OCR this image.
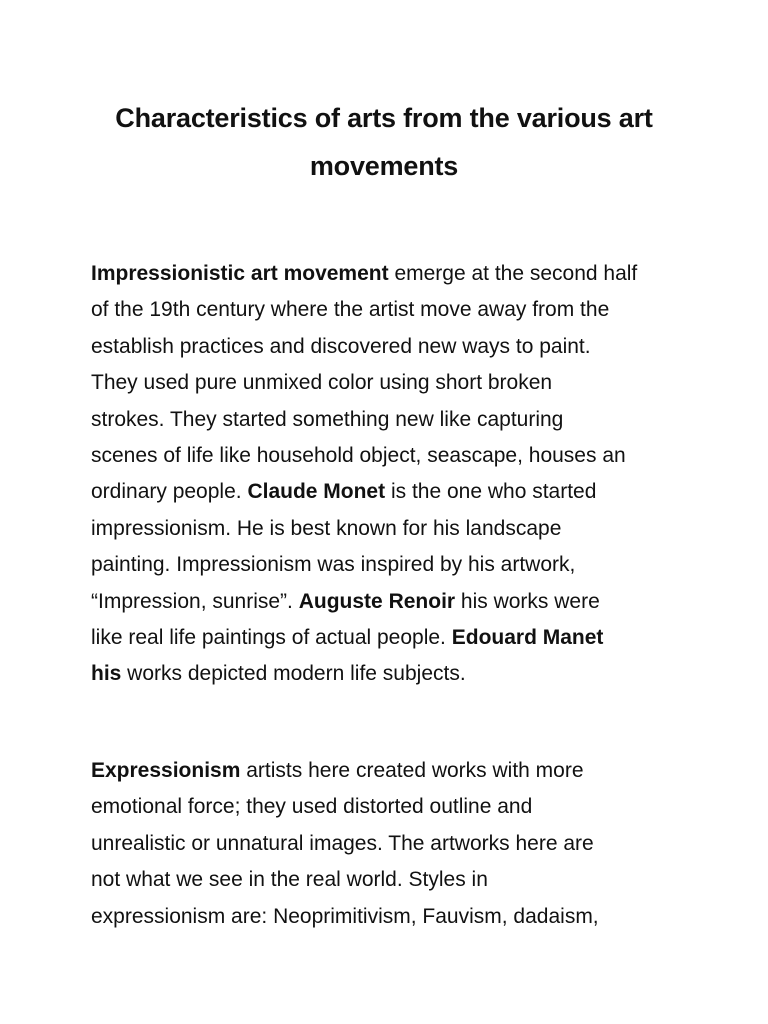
Characteristics of arts from the various art
movements
Impressionistic art movement emerge at the second half
of the 19th century where the artist move away from the
establish practices and discovered new ways to paint.
They used pure unmixed color using short broken
strokes. They started something new like capturing
scenes of life like household object, seascape, houses an
ordinary people. Claude Monet is the one who started
impressionism. He is best known for his landscape
painting. Impressionism was inspired by his artwork,
“Impression, sunrise”. Auguste Renoir his works were
like real life paintings of actual people. Edouard Manet
his works depicted modern life subjects.
Expressionism artists here created works with more
emotional force; they used distorted outline and
unrealistic or unnatural images. The artworks here are
not what we see in the real world. Styles in
expressionism are: Neoprimitivism, Fauvism, dadaism,
